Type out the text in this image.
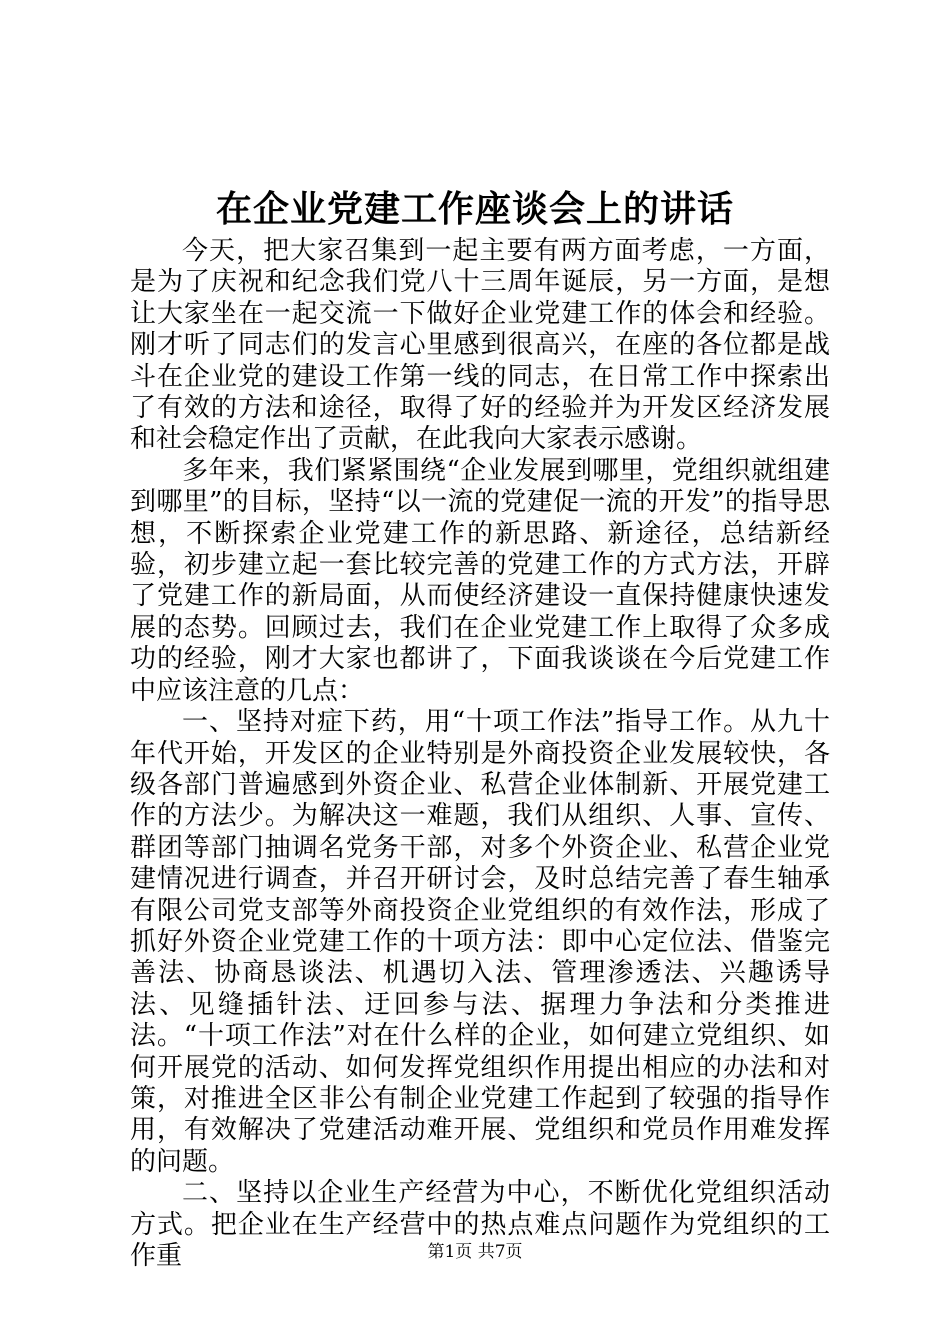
在企业党建工作座谈会上的讲话

今天，把大家召集到一起主要有两方面考虑，一方面，是为了庆祝和纪念我们党八十三周年诞辰，另一方面，是想让大家坐在一起交流一下做好企业党建工作的体会和经验。刚才听了同志们的发言心里感到很高兴，在座的各位都是战斗在企业党的建设工作第一线的同志，在日常工作中探索出了有效的方法和途径，取得了好的经验并为开发区经济发展和社会稳定作出了贡献，在此我向大家表示感谢。

多年来，我们紧紧围绕“企业发展到哪里，党组织就组建到哪里”的目标，坚持“以一流的党建促一流的开发”的指导思想，不断探索企业党建工作的新思路、新途径，总结新经验，初步建立起一套比较完善的党建工作的方式方法，开辟了党建工作的新局面，从而使经济建设一直保持健康快速发展的态势。回顾过去，我们在企业党建工作上取得了众多成功的经验，刚才大家也都讲了，下面我谈谈在今后党建工作中应该注意的几点：

一、坚持对症下药，用“十项工作法”指导工作。从九十年代开始，开发区的企业特别是外商投资企业发展较快，各级各部门普遍感到外资企业、私营企业体制新、开展党建工作的方法少。为解决这一难题，我们从组织、人事、宣传、群团等部门抽调名党务干部，对多个外资企业、私营企业党建情况进行调查，并召开研讨会，及时总结完善了春生轴承有限公司党支部等外商投资企业党组织的有效作法，形成了抓好外资企业党建工作的十项方法：即中心定位法、借鉴完善法、协商恳谈法、机遇切入法、管理渗透法、兴趣诱导法、见缝插针法、迂回参与法、据理力争法和分类推进法。“十项工作法”对在什么样的企业，如何建立党组织、如何开展党的活动、如何发挥党组织作用提出相应的办法和对策，对推进全区非公有制企业党建工作起到了较强的指导作用，有效解决了党建活动难开展、党组织和党员作用难发挥的问题。

二、坚持以企业生产经营为中心，不断优化党组织活动方式。把企业在生产经营中的热点难点问题作为党组织的工作重	第1页 共7页
